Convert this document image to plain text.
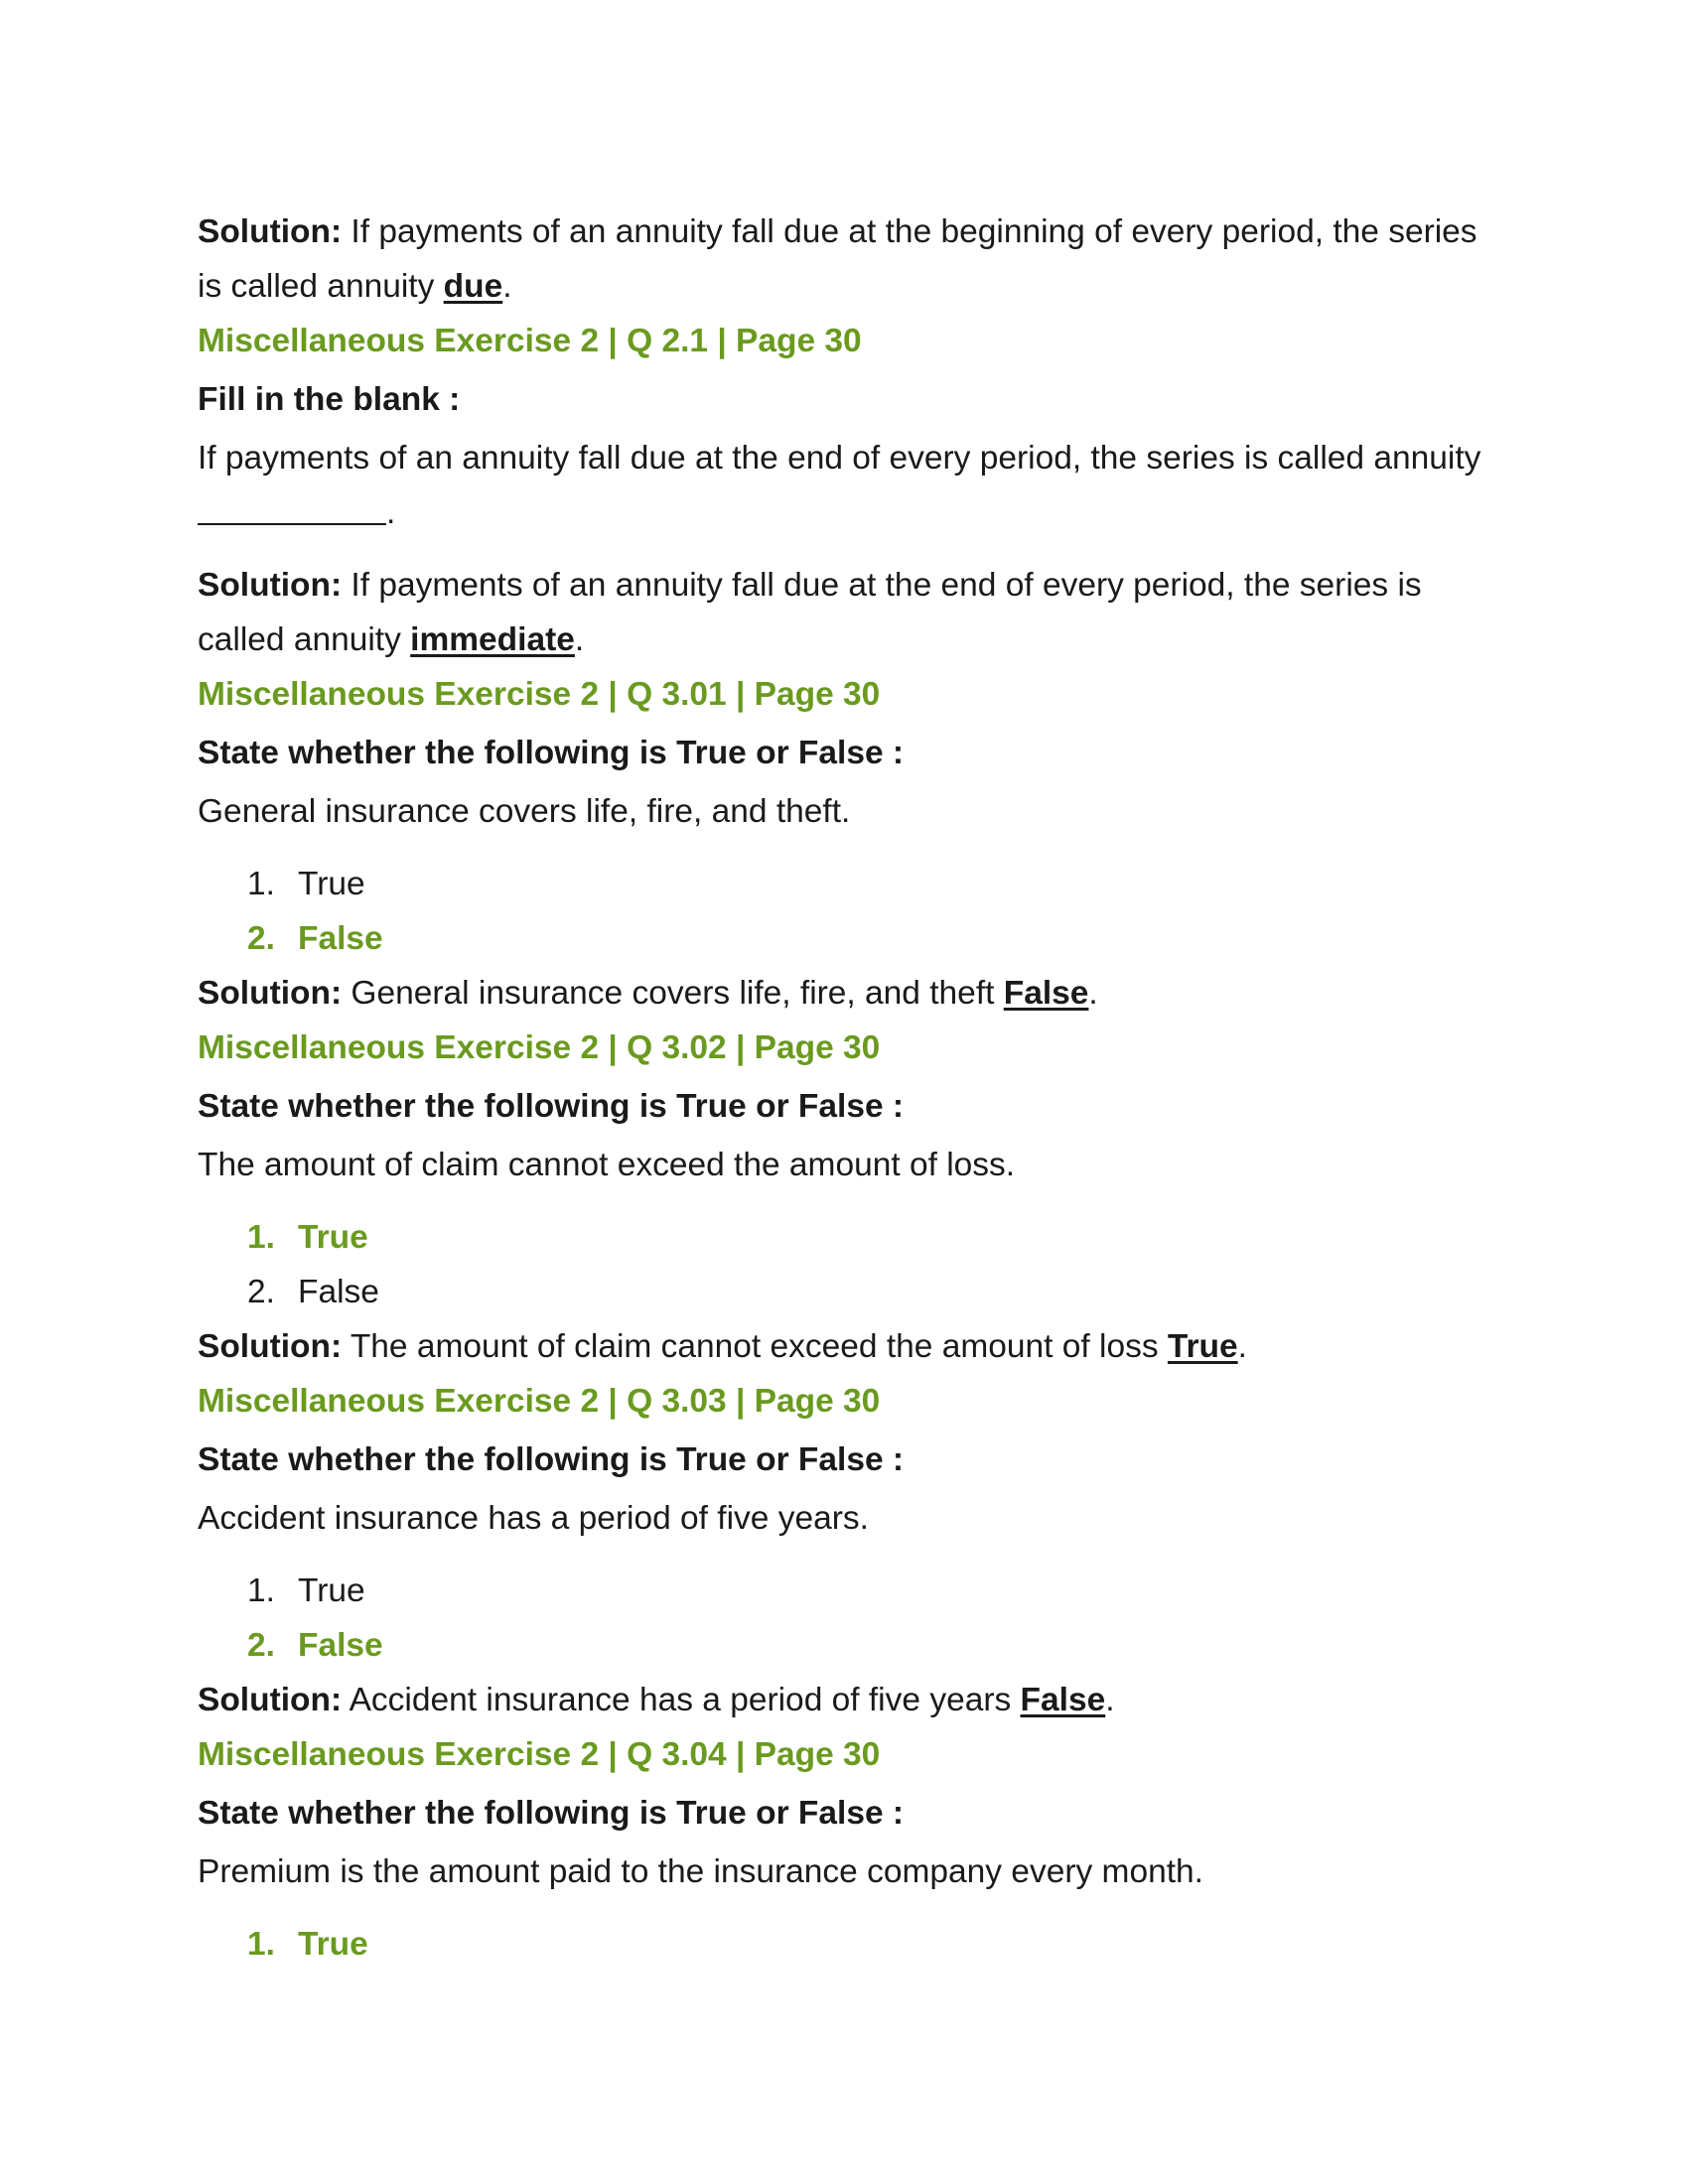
Solution: If payments of an annuity fall due at the beginning of every period, the series
is called annuity due.

Miscellaneous Exercise 2 | Q 2.1 | Page 30

Fill in the blank :

If payments of an annuity fall due at the end of every period, the series is called annuity

.

Solution: If payments of an annuity fall due at the end of every period, the series is
called annuity immediate.

Miscellaneous Exercise 2 | Q 3.01 | Page 30

State whether the following is True or False :

General insurance covers life, fire, and theft.

1. True
2. False

Solution: General insurance covers life, fire, and theft False.

Miscellaneous Exercise 2 | Q 3.02 | Page 30

State whether the following is True or False :

The amount of claim cannot exceed the amount of loss.

1. True
2. False

Solution: The amount of claim cannot exceed the amount of loss True.

Miscellaneous Exercise 2 | Q 3.03 | Page 30

State whether the following is True or False :

Accident insurance has a period of five years.

1. True
2. False

Solution: Accident insurance has a period of five years False.

Miscellaneous Exercise 2 | Q 3.04 | Page 30

State whether the following is True or False :

Premium is the amount paid to the insurance company every month.

1. True
